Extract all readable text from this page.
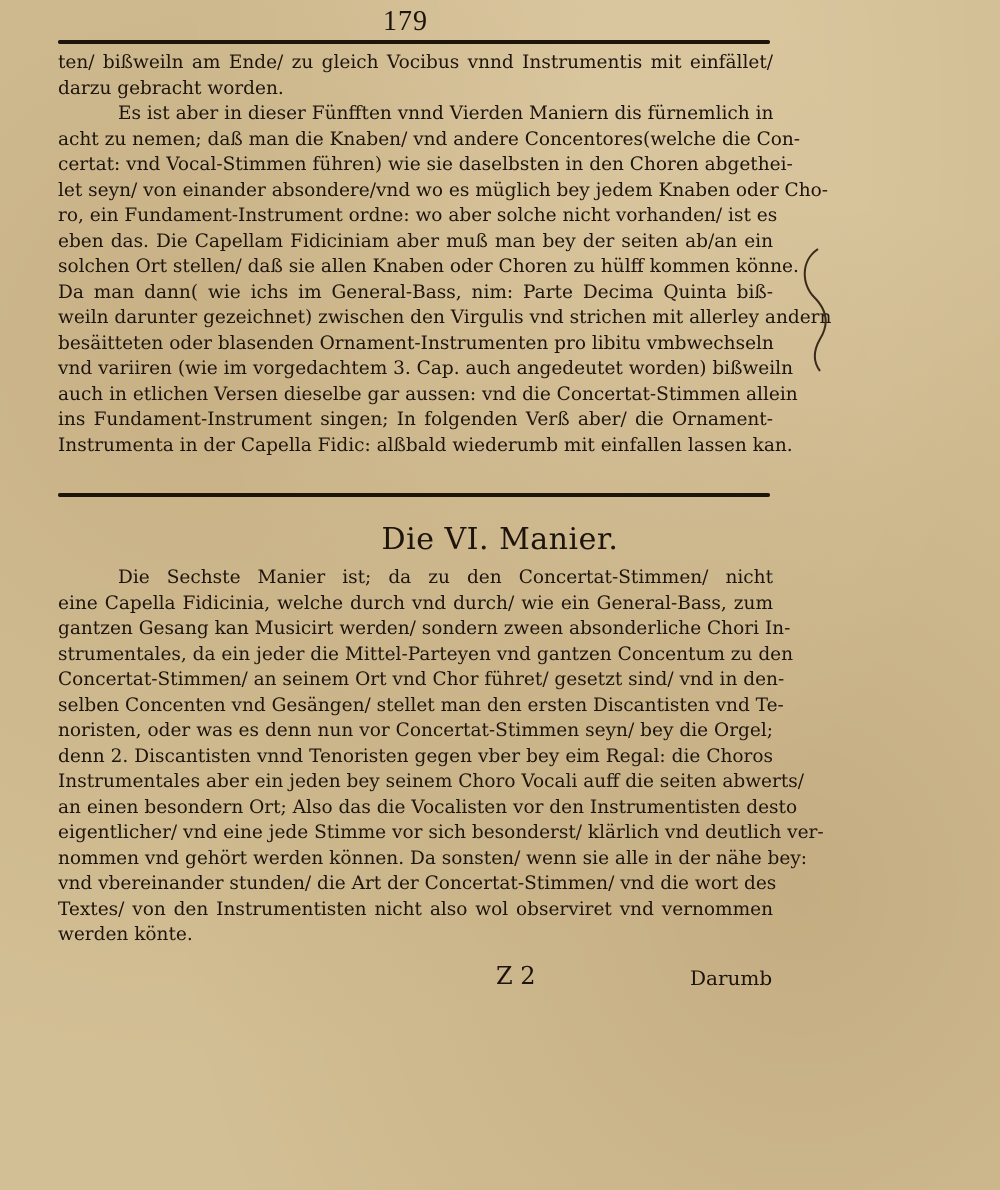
179
ten/ bißweiln am Ende/ zu gleich Vocibus vnnd Instrumentis mit einfället/
darzu gebracht worden.
Es ist aber in dieser Fünfften vnnd Vierden Maniern dis fürnemlich in
acht zu nemen; daß man die Knaben/ vnd andere Concentores(welche die Con-
certat: vnd Vocal-Stimmen führen) wie sie daselbsten in den Choren abgethei-
let seyn/ von einander absondere/vnd wo es müglich bey jedem Knaben oder Cho-
ro, ein Fundament-Instrument ordne: wo aber solche nicht vorhanden/ ist es
eben das. Die Capellam Fidiciniam aber muß man bey der seiten ab/an ein
solchen Ort stellen/ daß sie allen Knaben oder Choren zu hülff kommen könne.
Da man dann( wie ichs im General-Bass, nim: Parte Decima Quinta biß-
weiln darunter gezeichnet) zwischen den Virgulis vnd strichen mit allerley andern
besäitteten oder blasenden Ornament-Instrumenten pro libitu vmbwechseln
vnd variiren (wie im vorgedachtem 3. Cap. auch angedeutet worden) bißweiln
auch in etlichen Versen dieselbe gar aussen: vnd die Concertat-Stimmen allein
ins Fundament-Instrument singen; In folgenden Verß aber/ die Ornament-
Instrumenta in der Capella Fidic: alßbald wiederumb mit einfallen lassen kan.
Die VI. Manier.
Die Sechste Manier ist; da zu den Concertat-Stimmen/ nicht
eine Capella Fidicinia, welche durch vnd durch/ wie ein General-Bass, zum
gantzen Gesang kan Musicirt werden/ sondern zween absonderliche Chori In-
strumentales, da ein jeder die Mittel-Parteyen vnd gantzen Concentum zu den
Concertat-Stimmen/ an seinem Ort vnd Chor führet/ gesetzt sind/ vnd in den-
selben Concenten vnd Gesängen/ stellet man den ersten Discantisten vnd Te-
noristen, oder was es denn nun vor Concertat-Stimmen seyn/ bey die Orgel;
denn 2. Discantisten vnnd Tenoristen gegen vber bey eim Regal: die Choros
Instrumentales aber ein jeden bey seinem Choro Vocali auff die seiten abwerts/
an einen besondern Ort; Also das die Vocalisten vor den Instrumentisten desto
eigentlicher/ vnd eine jede Stimme vor sich besonderst/ klärlich vnd deutlich ver-
nommen vnd gehört werden können. Da sonsten/ wenn sie alle in der nähe bey:
vnd vbereinander stunden/ die Art der Concertat-Stimmen/ vnd die wort des
Textes/ von den Instrumentisten nicht also wol observiret vnd vernommen
werden könte.
Z 2	Darumb
